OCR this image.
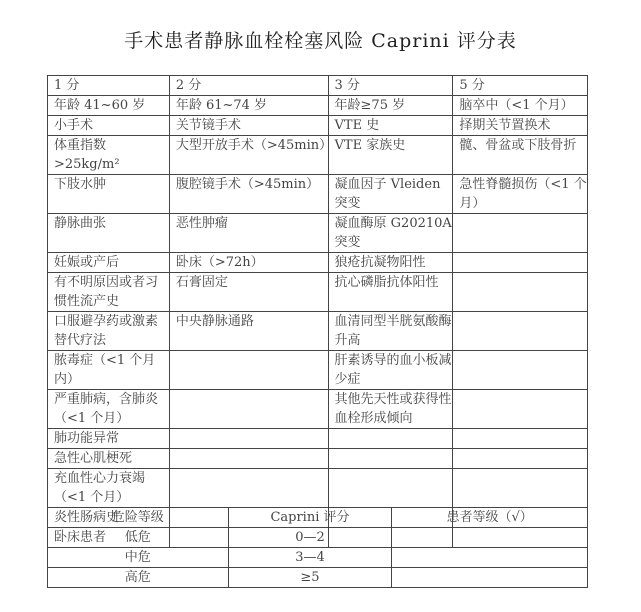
手术患者静脉血栓栓塞风险 Caprini 评分表
1 分	2 分	3 分	5 分
年龄 41~60 岁	年龄 61~74 岁	年龄≥75 岁	脑卒中（<1 个月）
小手术	关节镜手术	VTE 史	择期关节置换术
体重指数>25kg/m²	大型开放手术（>45min）	VTE 家族史	髋、骨盆或下肢骨折
下肢水肿	腹腔镜手术（>45min）	凝血因子 Vleiden 突变	急性脊髓损伤（<1 个月）
静脉曲张	恶性肿瘤	凝血酶原 G20210A 突变	
妊娠或产后	卧床（>72h）	狼疮抗凝物阳性	
有不明原因或者习惯性流产史	石膏固定	抗心磷脂抗体阳性	
口服避孕药或激素替代疗法	中央静脉通路	血清同型半胱氨酸酶升高	
脓毒症（<1 个月内）		肝素诱导的血小板减少症	
严重肺病，含肺炎（<1 个月）		其他先天性或获得性血栓形成倾向	
肺功能异常			
急性心肌梗死			
充血性心力衰竭（<1 个月）			
炎性肠病史			
卧床患者			
危险等级	Caprini 评分	患者等级（√）
低危	0—2	
中危	3—4	
高危	≥5	
